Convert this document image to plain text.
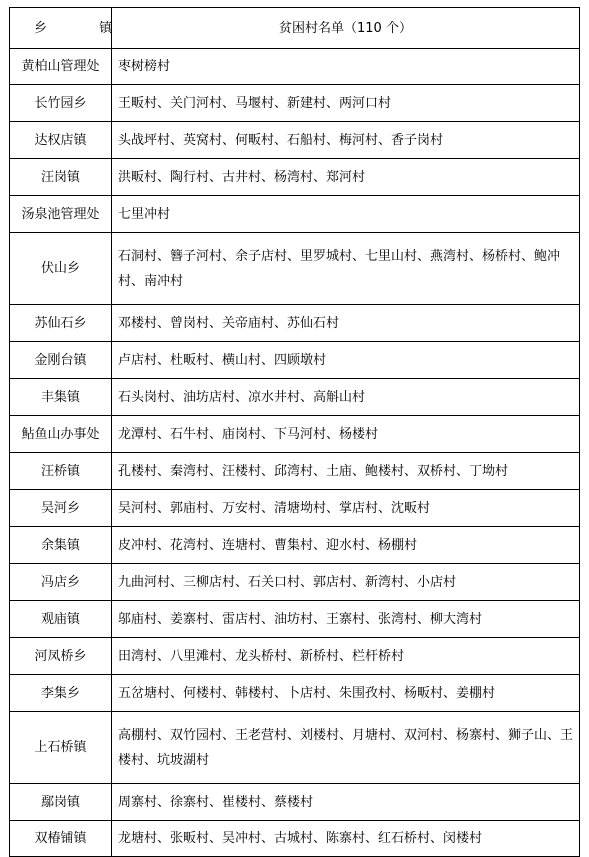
乡 镇	贫困村名单（110 个）
黄柏山管理处	枣树榜村
长竹园乡	王畈村、关门河村、马堰村、新建村、两河口村
达权店镇	头战坪村、英窝村、何畈村、石船村、梅河村、香子岗村
汪岗镇	洪畈村、陶行村、古井村、杨湾村、郑河村
汤泉池管理处	七里冲村
伏山乡	石洞村、簪子河村、余子店村、里罗城村、七里山村、燕湾村、杨桥村、鲍冲村、南冲村
苏仙石乡	邓楼村、曾岗村、关帝庙村、苏仙石村
金刚台镇	卢店村、杜畈村、横山村、四顾墩村
丰集镇	石头岗村、油坊店村、凉水井村、高斛山村
鲇鱼山办事处	龙潭村、石牛村、庙岗村、下马河村、杨楼村
汪桥镇	孔楼村、秦湾村、汪楼村、邱湾村、土庙、鲍楼村、双桥村、丁坳村
吴河乡	吴河村、郭庙村、万安村、清塘坳村、掌店村、沈畈村
余集镇	皮冲村、花湾村、连塘村、曹集村、迎水村、杨棚村
冯店乡	九曲河村、三柳店村、石关口村、郭店村、新湾村、小店村
观庙镇	邬庙村、姜寨村、雷店村、油坊村、王寨村、张湾村、柳大湾村
河凤桥乡	田湾村、八里滩村、龙头桥村、新桥村、栏杆桥村
李集乡	五岔塘村、何楼村、韩楼村、卜店村、朱围孜村、杨畈村、姜棚村
上石桥镇	高棚村、双竹园村、王老营村、刘楼村、月塘村、双河村、杨寨村、狮子山、王楼村、坑坡湖村
鄢岗镇	周寨村、徐寨村、崔楼村、蔡楼村
双椿铺镇	龙塘村、张畈村、吴冲村、古城村、陈寨村、红石桥村、闵楼村
